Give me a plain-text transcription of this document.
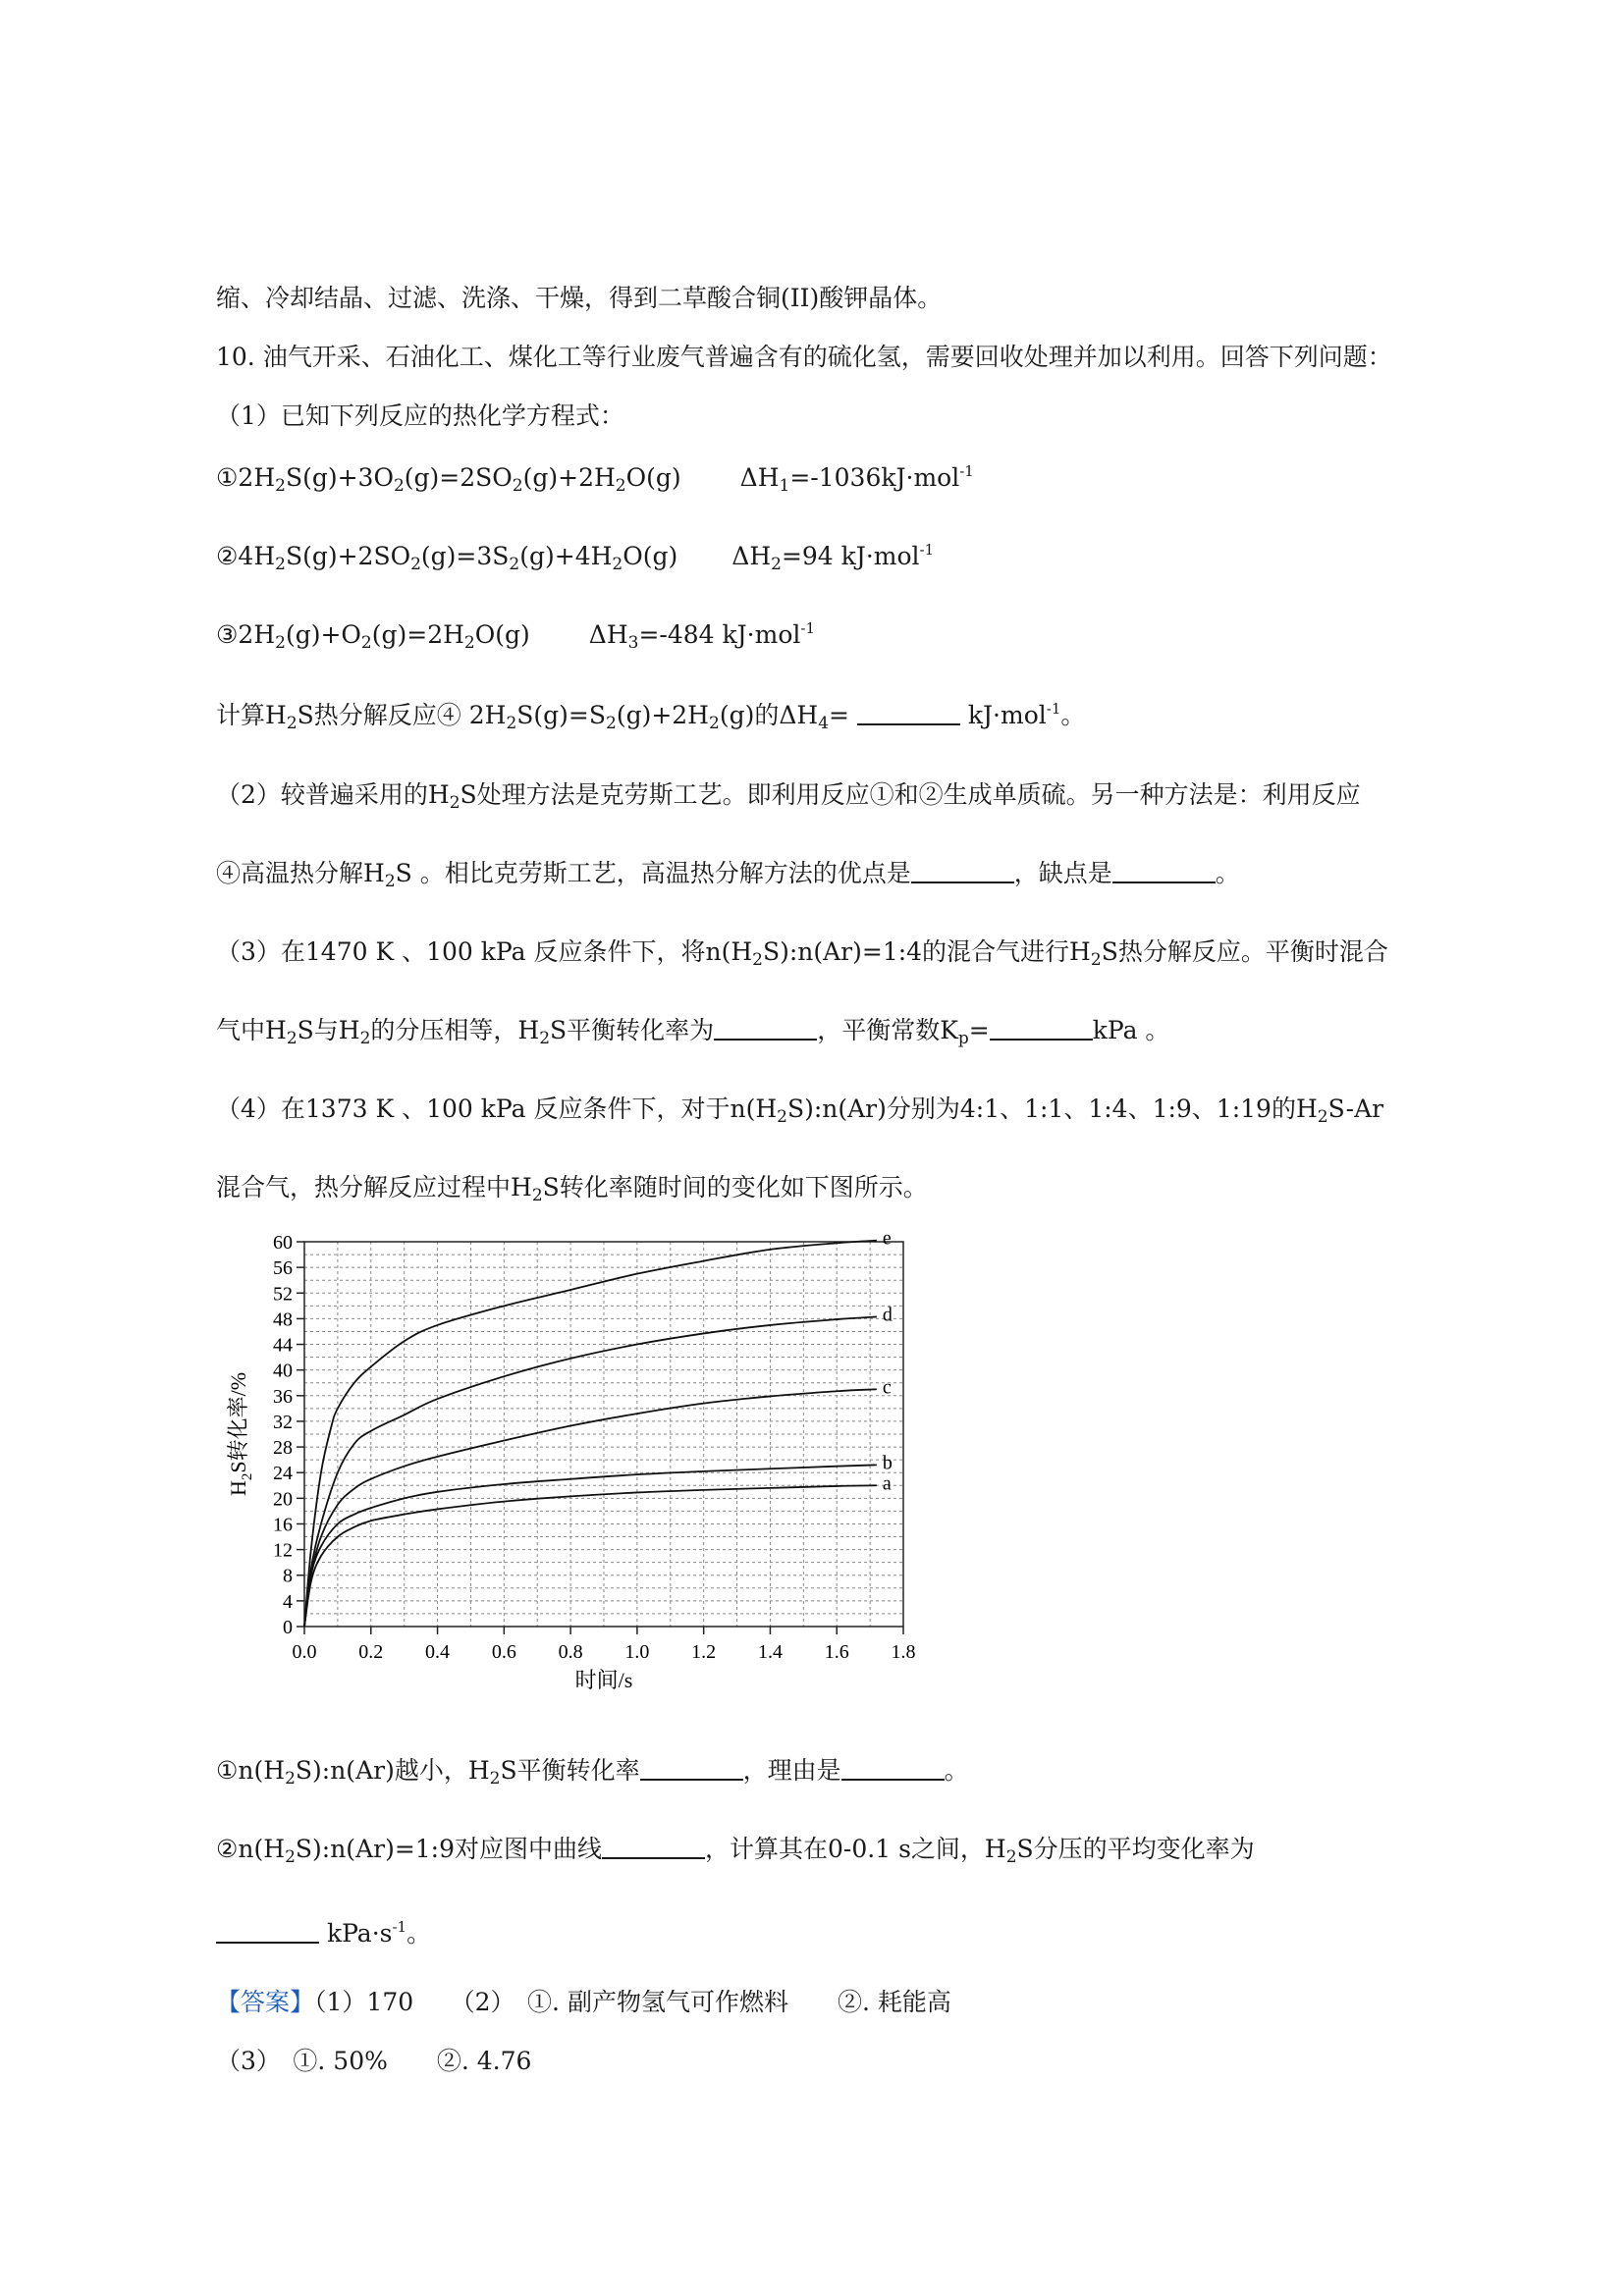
缩、冷却结晶、过滤、洗涤、干燥，得到二草酸合铜(II)酸钾晶体。
10. 油气开采、石油化工、煤化工等行业废气普遍含有的硫化氢，需要回收处理并加以利用。回答下列问题：
（1）已知下列反应的热化学方程式：
$①2H_2S(g)+3O_2(g)=2SO_2(g)+2H_2O(g)$ $\Delta H_1=-1036kJ\cdot mol^{-1}$
$②4H_2S(g)+2SO_2(g)=3S_2(g)+4H_2O(g)$ $\Delta H_2=94$ kJ·mol$^{-1}$
$③2H_2(g)+O_2(g)=2H_2O(g)$ $\Delta H_3=-484$ kJ·mol$^{-1}$
计算$H_2S$热分解反应④ $2H_2S(g)=S_2(g)+2H_2(g)$的$\Delta H_4=$	kJ·mol$^{-1}$。
（2）较普遍采用的$H_2S$处理方法是克劳斯工艺。即利用反应①和②生成单质硫。另一种方法是：利用反应
④高温热分解$H_2S$ 。相比克劳斯工艺，高温热分解方法的优点是	，缺点是	。
（3）在1470 K 、100 kPa 反应条件下，将$n(H_2S):n(Ar)=1:4$的混合气进行$H_2S$热分解反应。平衡时混合
气中$H_2S$与$H_2$的分压相等，$H_2S$平衡转化率为	，平衡常数$K_p=$	kPa 。
（4）在1373 K 、100 kPa 反应条件下，对于$n(H_2S):n(Ar)$分别为4:1、1:1、1:4、1:9、1:19的$H_2S-Ar$
混合气，热分解反应过程中$H_2S$转化率随时间的变化如下图所示。
0
4
8
12
16
20
24
28
32
36
40
44
48
52
56
60
0.0 0.2 0.4 0.6 0.8 1.0 1.2 1.4 1.6 1.8
a
b
c
d
e
时间/s
$H_2S$转化率/%
$①n(H_2S):n(Ar)$越小，$H_2S$平衡转化率	，理由是	。
$②n(H_2S):n(Ar)=1:9$对应图中曲线	，计算其在0-0.1 s之间，$H_2S$分压的平均变化率为
$kPa\cdot s^{-1}$。
【答案】（1）170　　（2）　①. 副产物氢气可作燃料　　②. 耗能高
（3）　①. 50%　　②. 4.76
